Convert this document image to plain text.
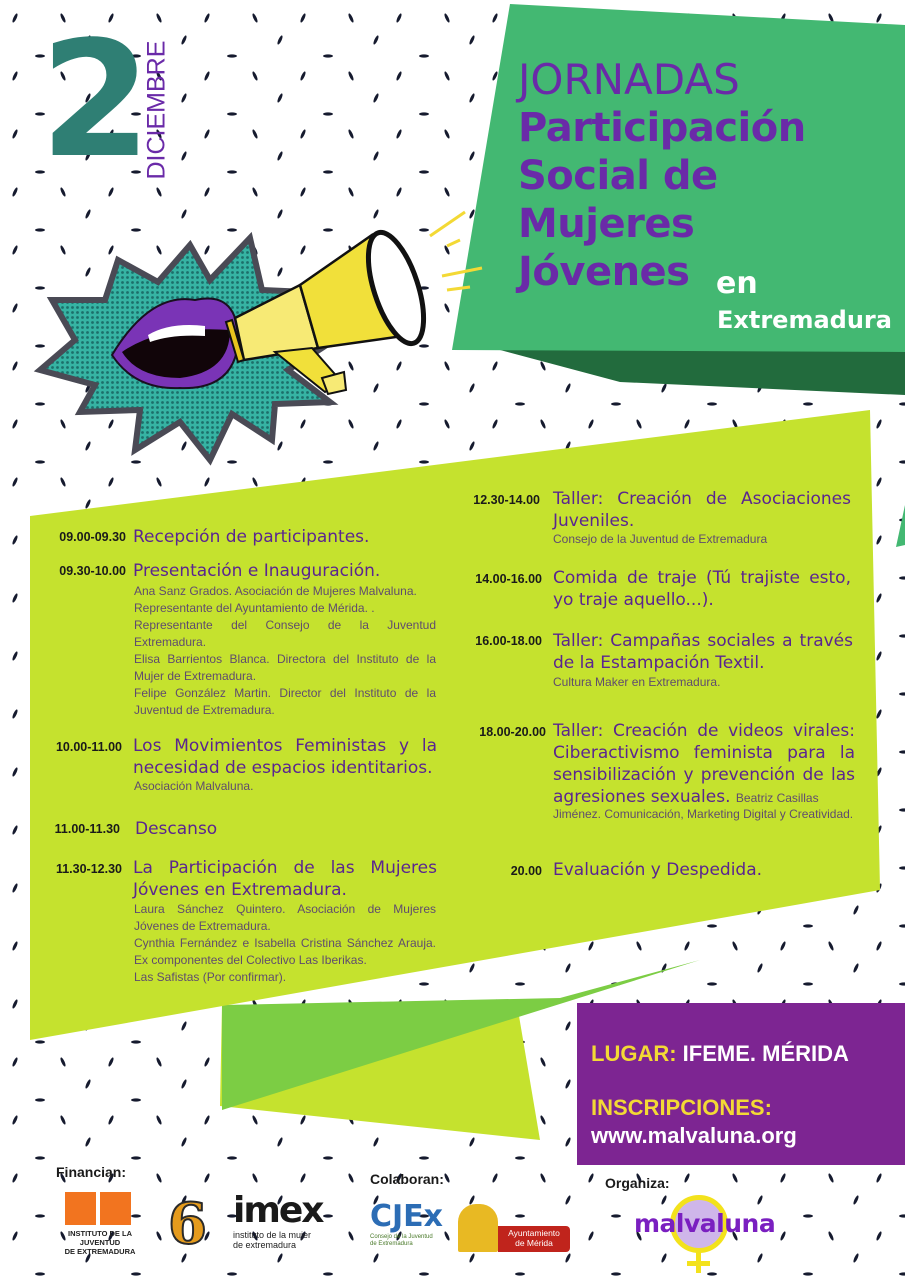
2
DICIEMBRE	JORNADAS
Participación
Social de
Mujeres
Jóvenes en
Extremadura
09.00-09.30 Recepción de participantes.
09.30-10.00 Presentación e Inauguración.
Ana Sanz Grados. Asociación de Mujeres Malvaluna.
Representante del Ayuntamiento de Mérida. .
Representante del Consejo de la Juventud Extremadura.
Elisa Barrientos Blanca. Directora del Instituto de la Mujer de Extremadura.
Felipe González Martin. Director del Instituto de la Juventud de Extremadura.
10.00-11.00 Los Movimientos Feministas y la necesidad de espacios identitarios.
Asociación Malvaluna.
11.00-11.30 Descanso
11.30-12.30 La Participación de las Mujeres Jóvenes en Extremadura.
Laura Sánchez Quintero. Asociación de Mujeres Jóvenes de Extremadura.
Cynthia Fernández e Isabella Cristina Sánchez Arauja. Ex componentes del Colectivo Las Iberikas.
Las Safistas (Por confirmar).
12.30-14.00 Taller: Creación de Asociaciones Juveniles.
Consejo de la Juventud de Extremadura
14.00-16.00 Comida de traje (Tú trajiste esto, yo traje aquello...).
16.00-18.00 Taller: Campañas sociales a través de la Estampación Textil.
Cultura Maker en Extremadura.
18.00-20.00 Taller: Creación de videos virales: Ciberactivismo feminista para la sensibilización y prevención de las agresiones sexuales. Beatriz Casillas
Jiménez. Comunicación, Marketing Digital y Creatividad.
20.00 Evaluación y Despedida.
LUGAR: IFEME. MÉRIDA
INSCRIPCIONES:
www.malvaluna.org
Financian:	Colaboran:	Organiza:
INSTITUTO DE LA JUVENTUD
DE EXTREMADURA 6 imex
instituto de la mujer
de extremadura
CJEx
Consejo de la Juventud
de Extremadura
Ayuntamiento
de Mérida
malvaluna
